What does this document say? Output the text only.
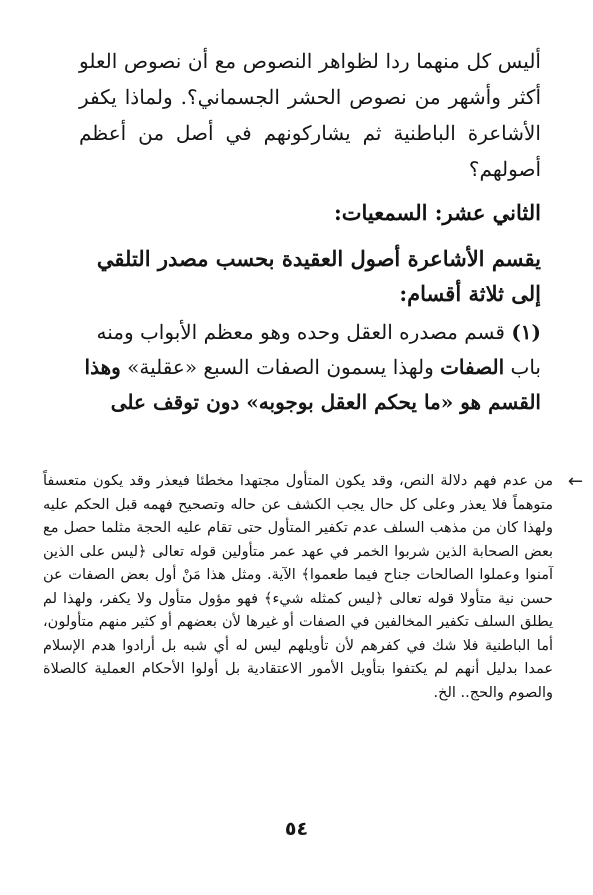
أليس كل منهما ردا لظواهر النصوص مع أن نصوص العلو أكثر وأشهر من نصوص الحشر الجسماني؟. ولماذا يكفر الأشاعرة الباطنية ثم يشاركونهم في أصل من أعظم أصولهم؟

الثاني عشر: السمعيات:

يقسم الأشاعرة أصول العقيدة بحسب مصدر التلقي إلى ثلاثة أقسام:

(١) قسم مصدره العقل وحده وهو معظم الأبواب ومنه باب الصفات ولهذا يسمون الصفات السبع «عقلية» وهذا القسم هو «ما يحكم العقل بوجوبه» دون توقف على

←

من عدم فهم دلالة النص، وقد يكون المتأول مجتهدا مخطئا فيعذر وقد يكون متعسفاً متوهماً فلا يعذر وعلى كل حال يجب الكشف عن حاله وتصحيح فهمه قبل الحكم عليه ولهذا كان من مذهب السلف عدم تكفير المتأول حتى تقام عليه الحجة مثلما حصل مع بعض الصحابة الذين شربوا الخمر في عهد عمر متأولين قوله تعالى ﴿ليس على الذين آمنوا وعملوا الصالحات جناح فيما طعموا﴾ الآية. ومثل هذا مَنْ أول بعض الصفات عن حسن نية متأولا قوله تعالى ﴿ليس كمثله شيء﴾ فهو مؤول متأول ولا يكفر، ولهذا لم يطلق السلف تكفير المخالفين في الصفات أو غيرها لأن بعضهم أو كثير منهم متأولون، أما الباطنية فلا شك في كفرهم لأن تأويلهم ليس له أي شبه بل أرادوا هدم الإسلام عمدا بدليل أنهم لم يكتفوا بتأويل الأمور الاعتقادية بل أولوا الأحكام العملية كالصلاة والصوم والحج.. الخ.

٥٤
